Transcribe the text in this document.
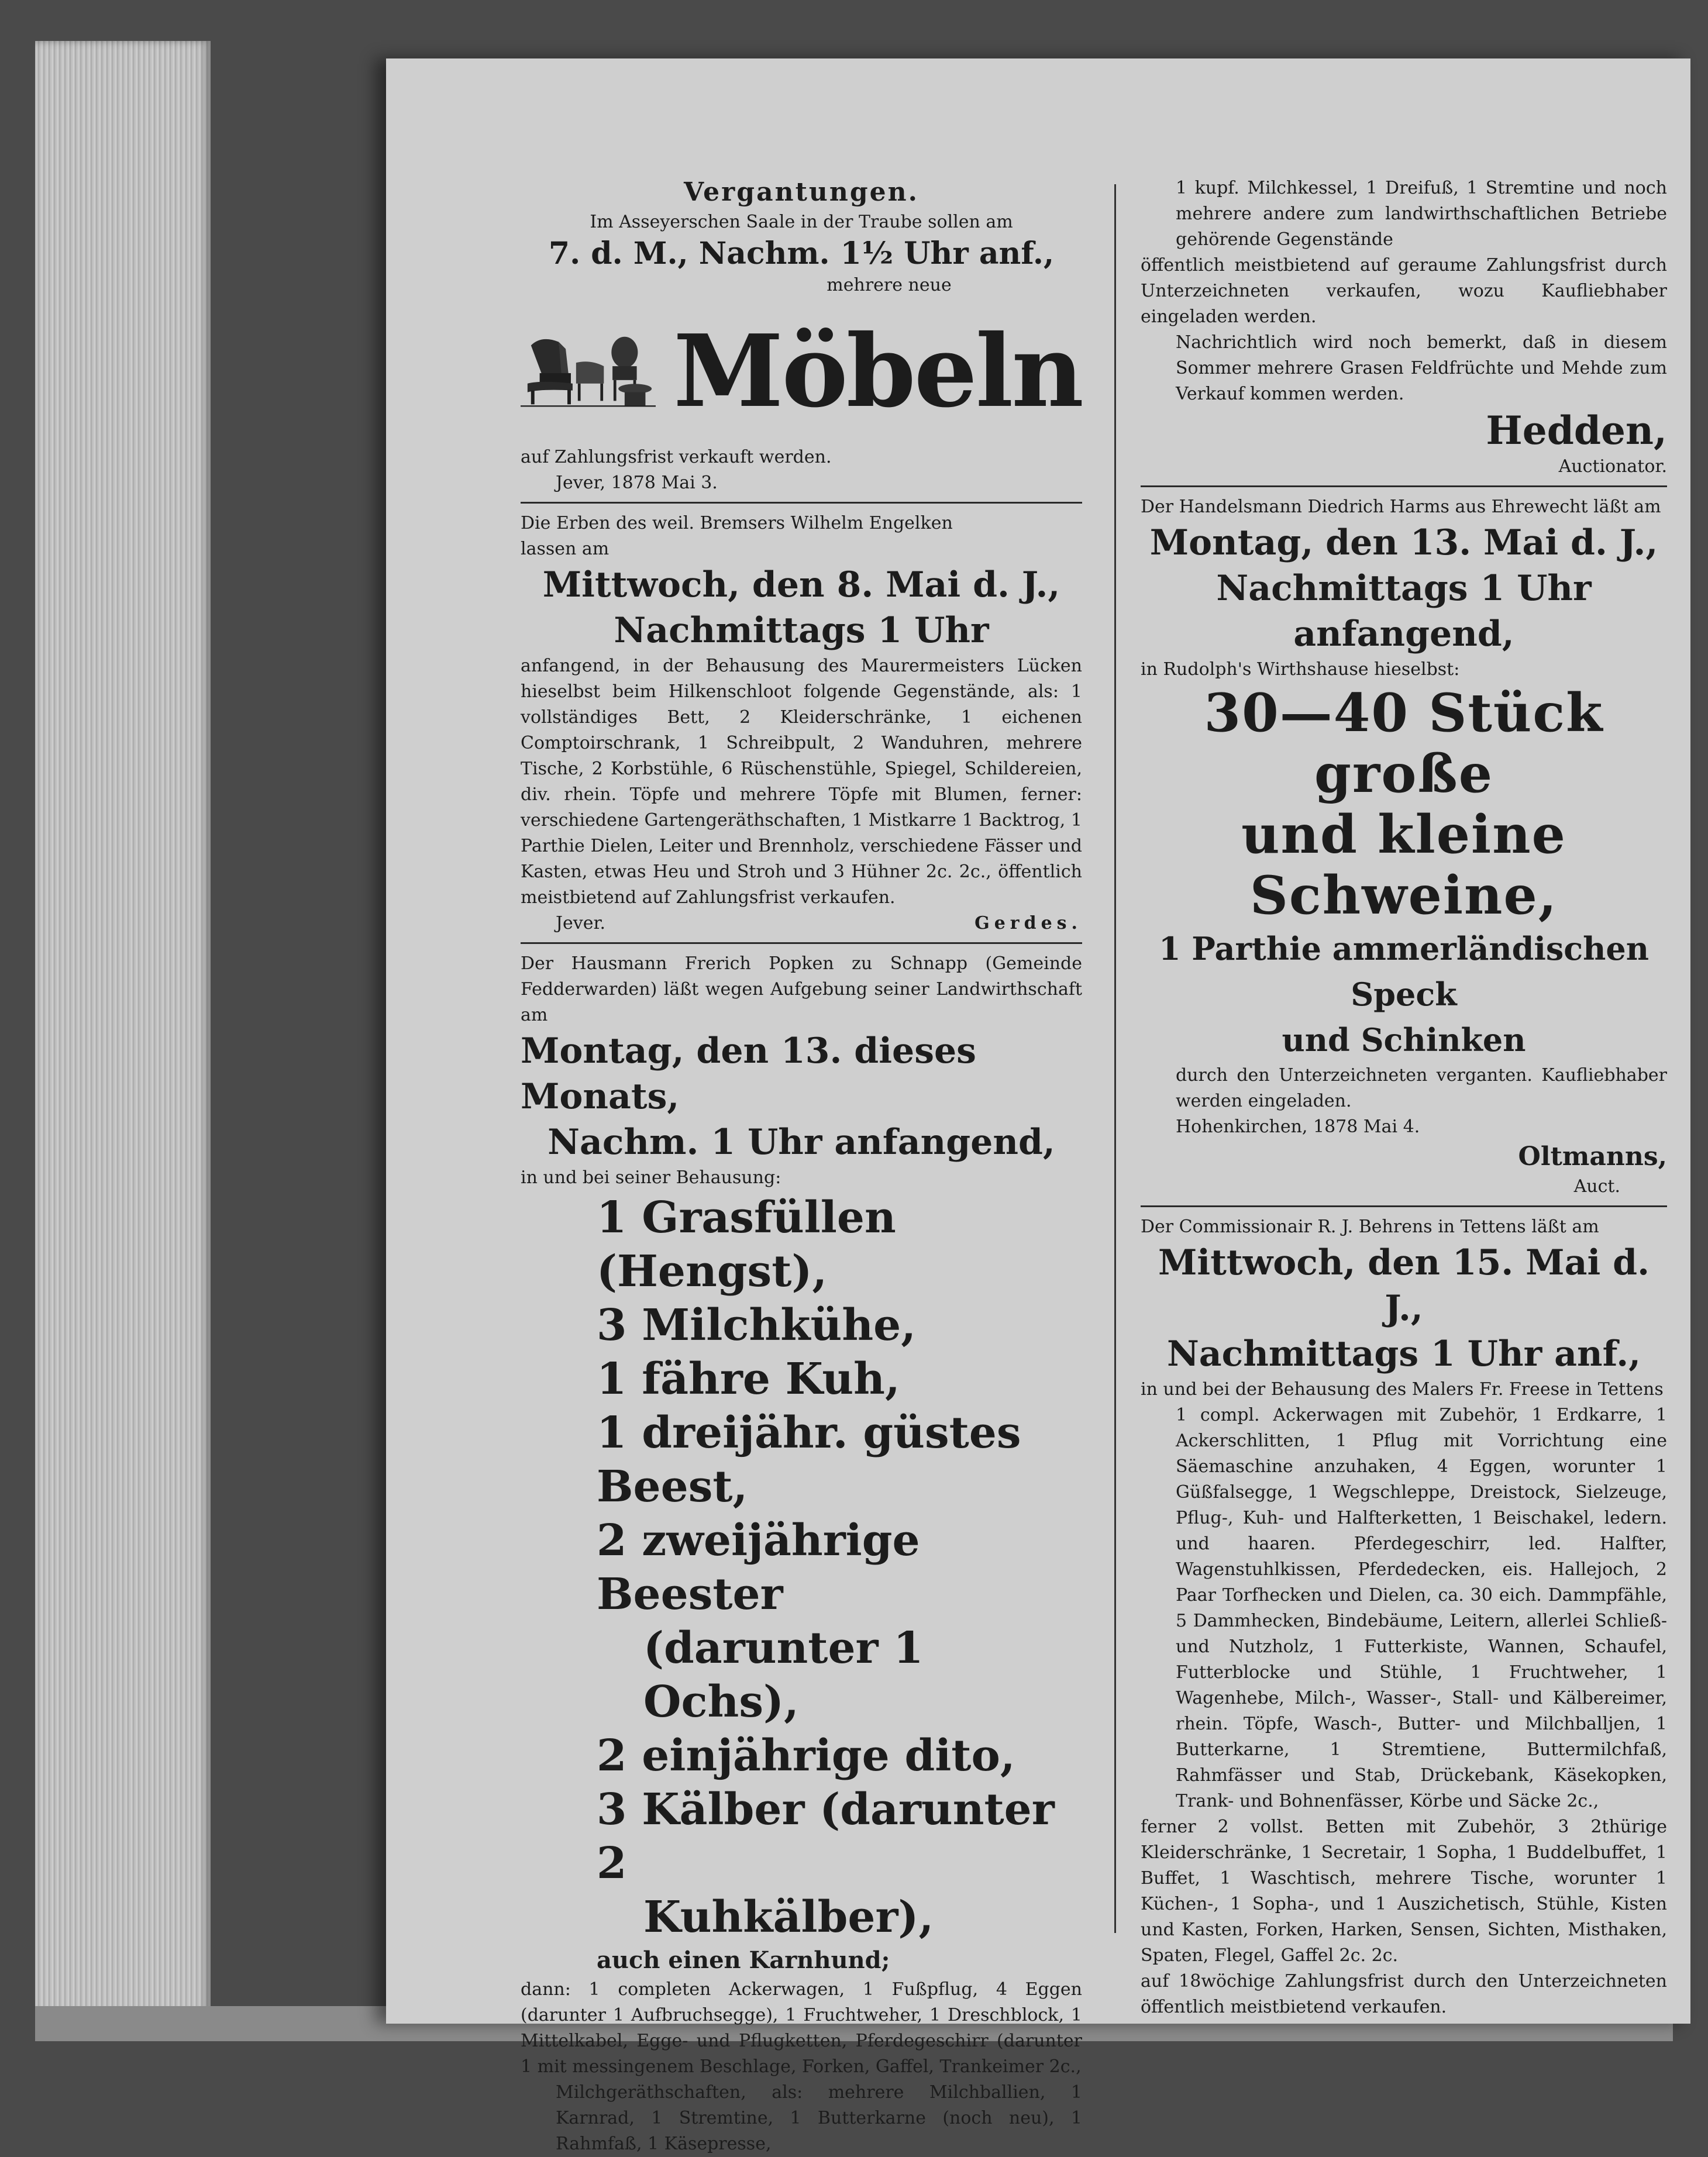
Vergantungen.

Im Asseyerschen Saale in der Traube sollen am

7. d. M., Nachm. 1½ Uhr anf.,

mehrere neue

Möbeln

auf Zahlungsfrist verkauft werden.

Jever, 1878 Mai 3.

Die Erben des weil. Bremsers Wilhelm Engelken

lassen am

Mittwoch, den 8. Mai d. J.,

Nachmittags 1 Uhr

anfangend, in der Behausung des Maurermeisters Lücken hieselbst beim Hilkenschloot folgende Gegenstände, als: 1 vollständiges Bett, 2 Kleiderschränke, 1 eichenen Comptoirschrank, 1 Schreibpult, 2 Wanduhren, mehrere Tische, 2 Korbstühle, 6 Rüschenstühle, Spiegel, Schildereien, div. rhein. Töpfe und mehrere Töpfe mit Blumen, ferner: verschiedene Gartengeräthschaften, 1 Mistkarre 1 Backtrog, 1 Parthie Dielen, Leiter und Brennholz, verschiedene Fässer und Kasten, etwas Heu und Stroh und 3 Hühner 2c. 2c., öffentlich meistbietend auf Zahlungsfrist verkaufen.

Jever.	Gerdes.

Der Hausmann Frerich Popken zu Schnapp (Gemeinde Fedderwarden) läßt wegen Aufgebung seiner Landwirthschaft am

Montag, den 13. dieses Monats,

Nachm. 1 Uhr anfangend,

in und bei seiner Behausung:

1 Grasfüllen (Hengst),

3 Milchkühe,

1 fähre Kuh,

1 dreijähr. güstes Beest,

2 zweijährige Beester

(darunter 1 Ochs),

2 einjährige dito,

3 Kälber (darunter 2

Kuhkälber),

auch einen Karnhund;

dann: 1 completen Ackerwagen, 1 Fußpflug, 4 Eggen (darunter 1 Aufbruchsegge), 1 Fruchtweher, 1 Dreschblock, 1 Mittelkabel, Egge- und Pflugketten, Pferdegeschirr (darunter 1 mit messingenem Beschlage, Forken, Gaffel, Trankeimer 2c.,

Milchgeräthschaften, als: mehrere Milchballien, 1 Karnrad, 1 Stremtine, 1 Butterkarne (noch neu), 1 Rahmfaß, 1 Käsepresse,

1 kupf. Milchkessel, 1 Dreifuß, 1 Stremtine und noch mehrere andere zum landwirthschaftlichen Betriebe gehörende Gegenstände

öffentlich meistbietend auf geraume Zahlungsfrist durch Unterzeichneten verkaufen, wozu Kaufliebhaber eingeladen werden.

Nachrichtlich wird noch bemerkt, daß in diesem Sommer mehrere Grasen Feldfrüchte und Mehde zum Verkauf kommen werden.

Hedden,

Auctionator.

Der Handelsmann Diedrich Harms aus Ehrewecht läßt am

Montag, den 13. Mai d. J.,

Nachmittags 1 Uhr anfangend,

in Rudolph's Wirthshause hieselbst:

30—40 Stück große

und kleine Schweine,

1 Parthie ammerländischen Speck

und Schinken

durch den Unterzeichneten verganten. Kaufliebhaber werden eingeladen.

Hohenkirchen, 1878 Mai 4.

Oltmanns,

Auct.

Der Commissionair R. J. Behrens in Tettens läßt am

Mittwoch, den 15. Mai d. J.,

Nachmittags 1 Uhr anf.,

in und bei der Behausung des Malers Fr. Freese in Tettens

1 compl. Ackerwagen mit Zubehör, 1 Erdkarre, 1 Ackerschlitten, 1 Pflug mit Vorrichtung eine Säemaschine anzuhaken, 4 Eggen, worunter 1 Güßfalsegge, 1 Wegschleppe, Dreistock, Sielzeuge, Pflug-, Kuh- und Halfterketten, 1 Beischakel, ledern. und haaren. Pferdegeschirr, led. Halfter, Wagenstuhlkissen, Pferdedecken, eis. Hallejoch, 2 Paar Torfhecken und Dielen, ca. 30 eich. Dammpfähle, 5 Dammhecken, Bindebäume, Leitern, allerlei Schließ- und Nutzholz, 1 Futterkiste, Wannen, Schaufel, Futterblocke und Stühle, 1 Fruchtweher, 1 Wagenhebe, Milch-, Wasser-, Stall- und Kälbereimer, rhein. Töpfe, Wasch-, Butter- und Milchballjen, 1 Butterkarne, 1 Stremtiene, Buttermilchfaß, Rahmfässer und Stab, Drückebank, Käsekopken, Trank- und Bohnenfässer, Körbe und Säcke 2c.,

ferner 2 vollst. Betten mit Zubehör, 3 2thürige Kleiderschränke, 1 Secretair, 1 Sopha, 1 Buddelbuffet, 1 Buffet, 1 Waschtisch, mehrere Tische, worunter 1 Küchen-, 1 Sopha-, und 1 Auszichetisch, Stühle, Kisten und Kasten, Forken, Harken, Sensen, Sichten, Misthaken, Spaten, Flegel, Gaffel 2c. 2c.

auf 18wöchige Zahlungsfrist durch den Unterzeichneten öffentlich meistbietend verkaufen.
